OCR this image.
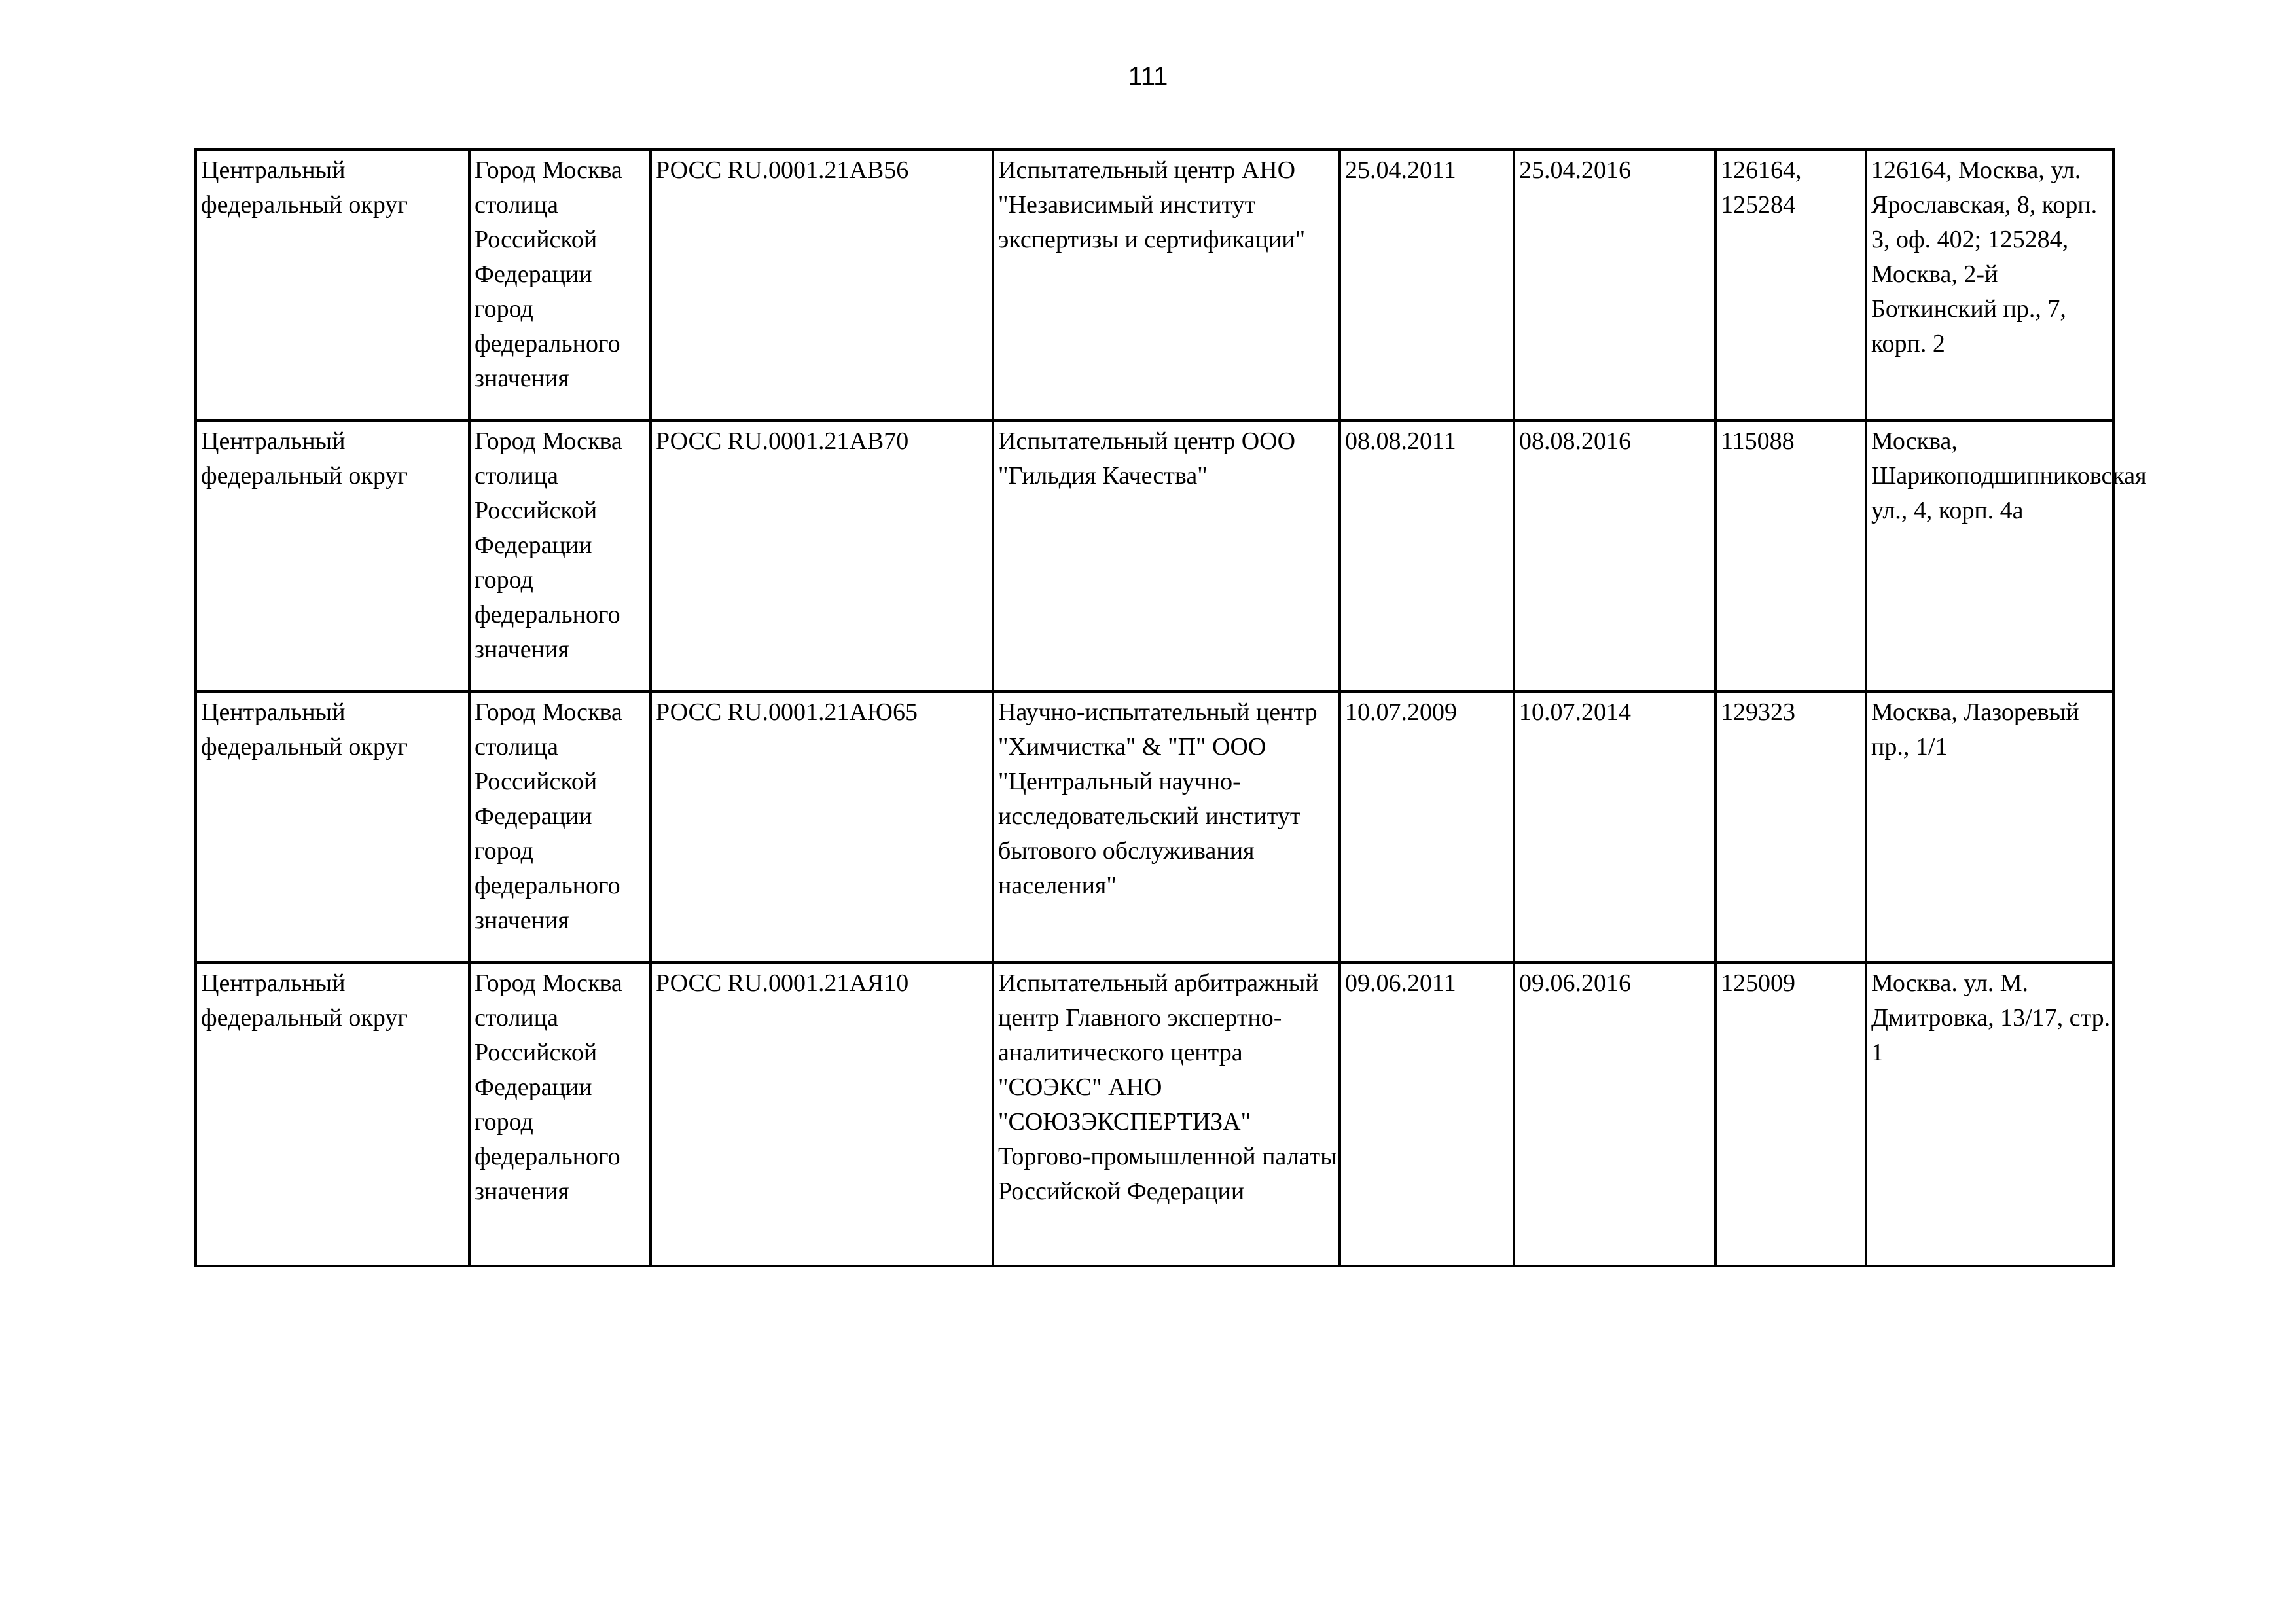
111
Центральный федеральный округ	Город Москва столица Российской Федерации город федерального значения	РОСС RU.0001.21АВ56	Испытательный центр АНО "Независимый институт экспертизы и сертификации"	25.04.2011	25.04.2016	126164, 125284	126164, Москва, ул. Ярославская, 8, корп. 3, оф. 402; 125284, Москва, 2-й Боткинский пр., 7, корп. 2

Центральный федеральный округ	Город Москва столица Российской Федерации город федерального значения	РОСС RU.0001.21АВ70	Испытательный центр ООО "Гильдия Качества"	08.08.2011	08.08.2016	115088	Москва, Шарикоподшипниковская ул., 4, корп. 4а

Центральный федеральный округ	Город Москва столица Российской Федерации город федерального значения	РОСС RU.0001.21АЮ65	Научно-испытательный центр "Химчистка" & "П" ООО "Центральный научно-исследовательский институт бытового обслуживания населения"	10.07.2009	10.07.2014	129323	Москва, Лазоревый пр., 1/1

Центральный федеральный округ	Город Москва столица Российской Федерации город федерального значения	РОСС RU.0001.21АЯ10	Испытательный арбитражный центр Главного экспертно-аналитического центра "СОЭКС" АНО "СОЮЗЭКСПЕРТИЗА" Торгово-промышленной палаты Российской Федерации	09.06.2011	09.06.2016	125009	Москва. ул. М. Дмитровка, 13/17, стр. 1
